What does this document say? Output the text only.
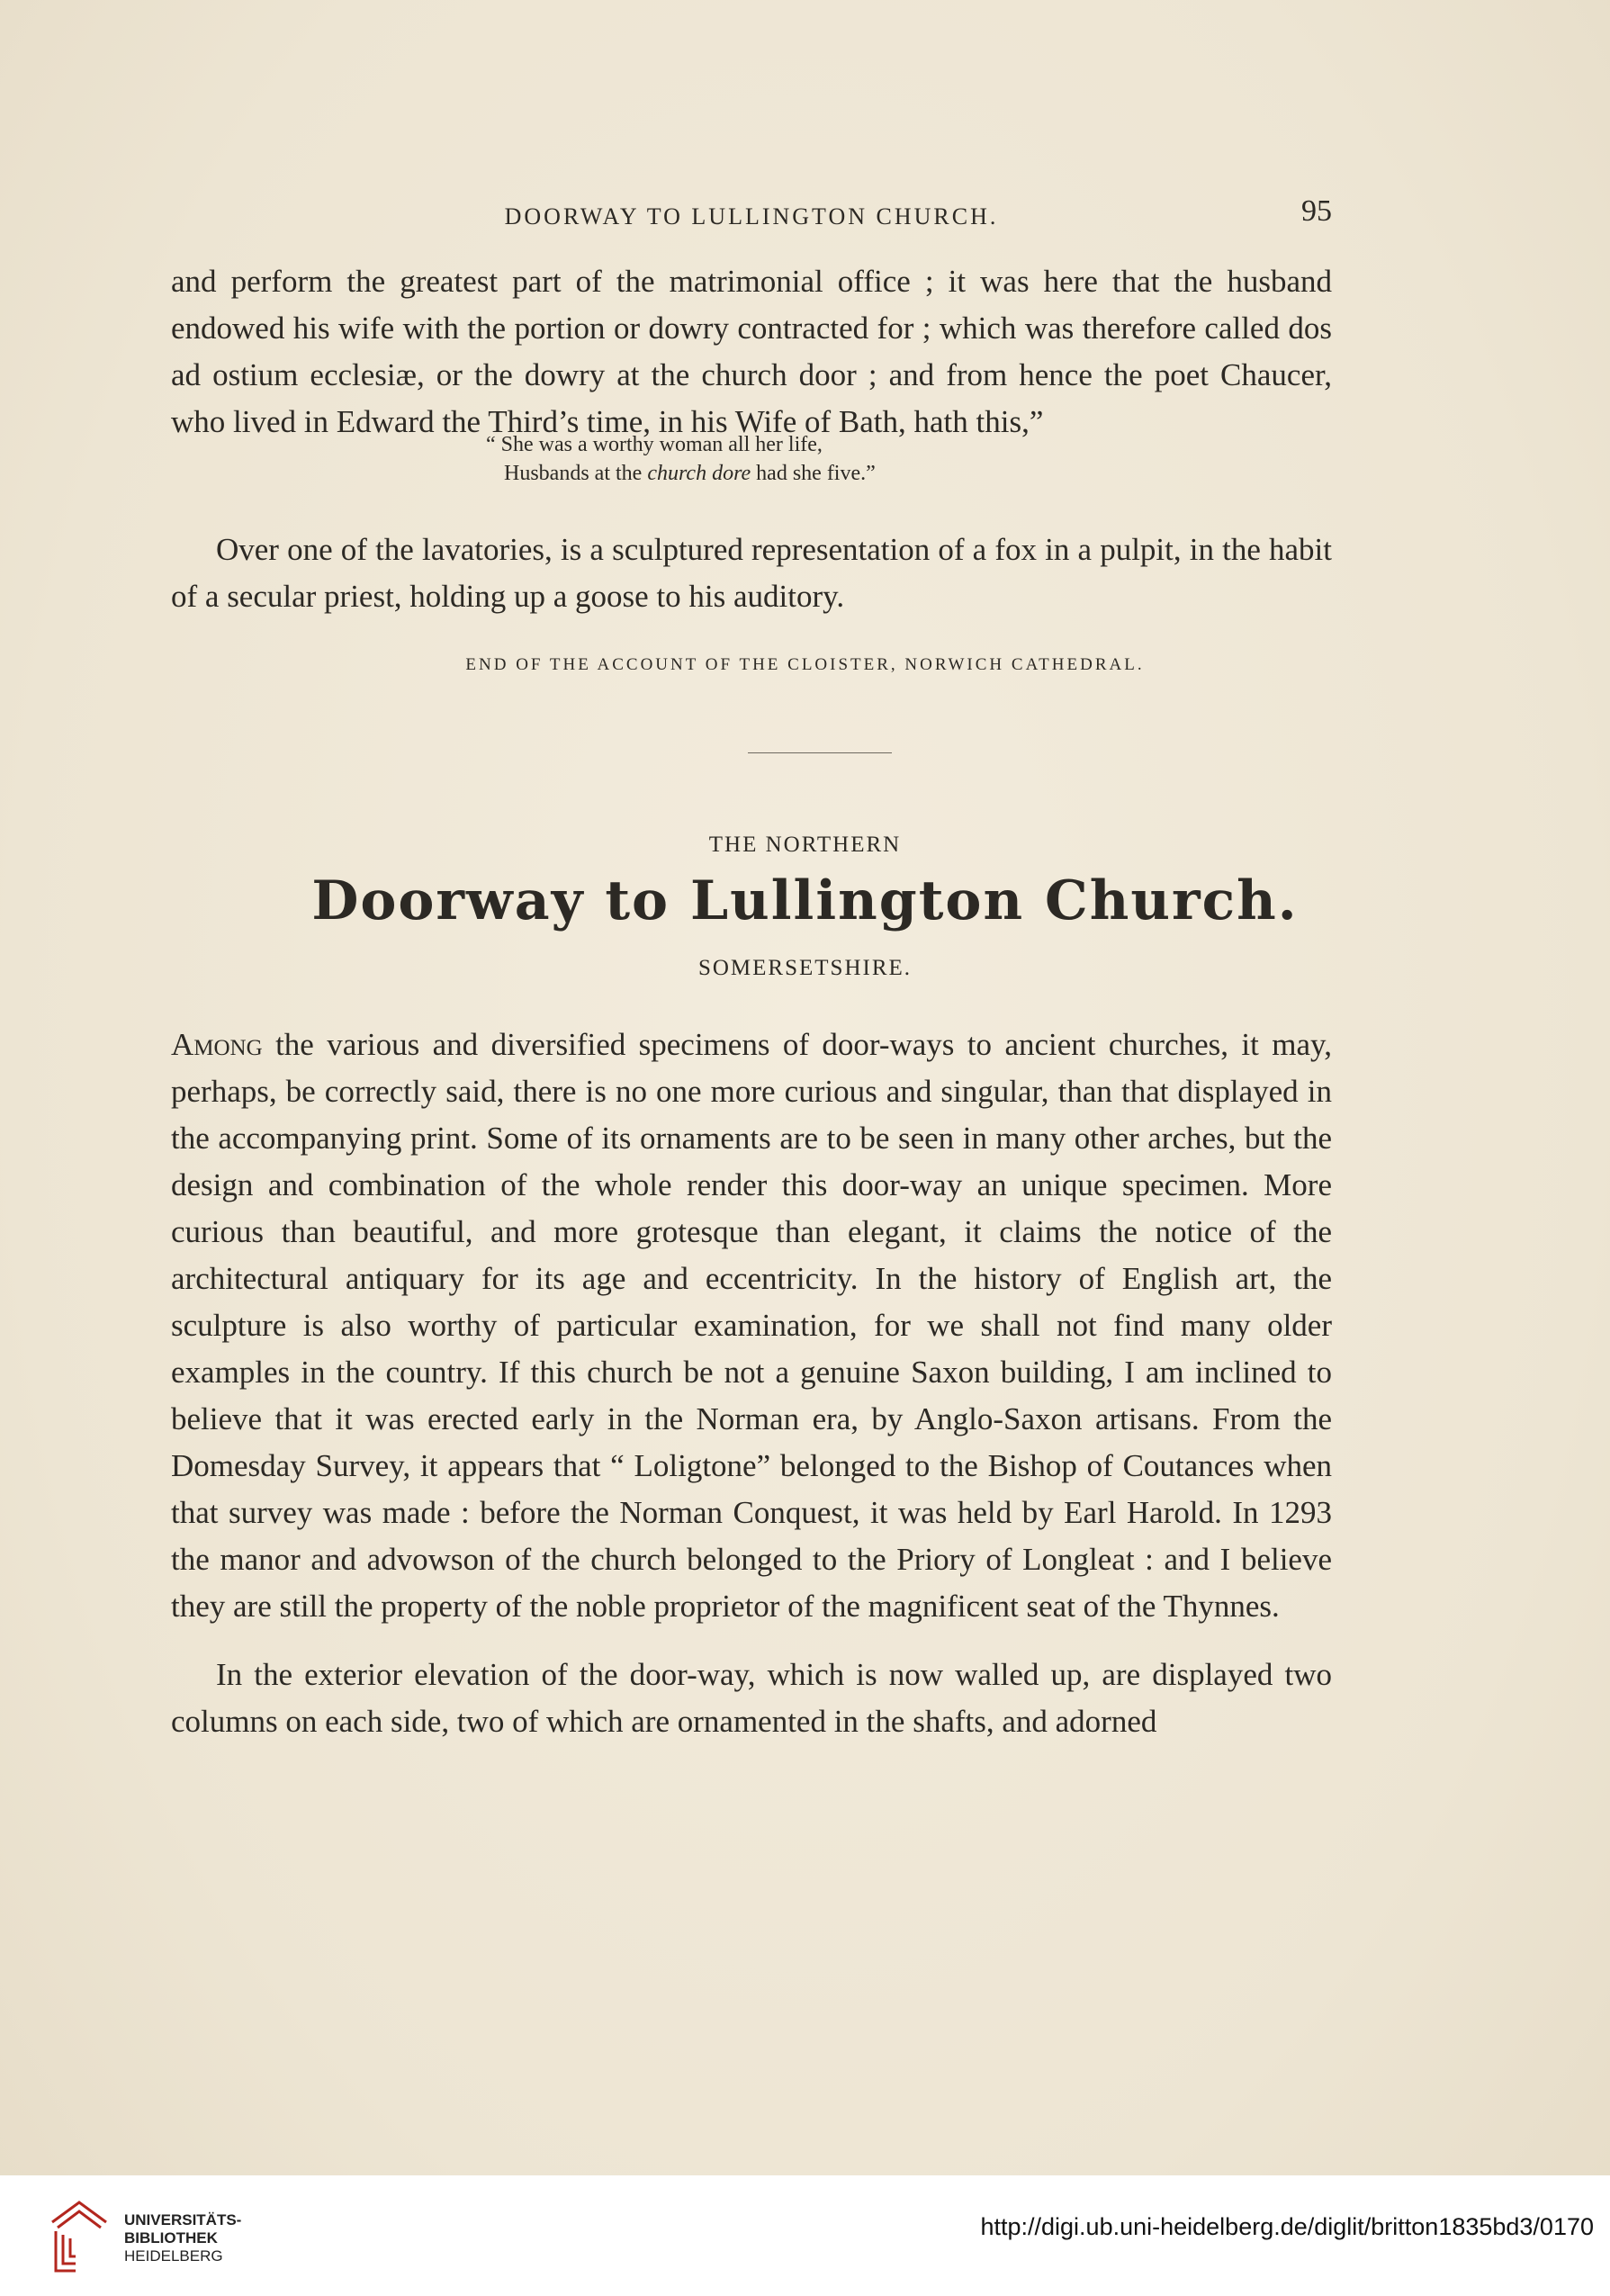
DOORWAY TO LULLINGTON CHURCH.	95

and perform the greatest part of the matrimonial office ; it was here that the husband endowed his wife with the portion or dowry contracted for ; which was therefore called dos ad ostium ecclesiæ, or the dowry at the church door ; and from hence the poet Chaucer, who lived in Edward the Third’s time, in his Wife of Bath, hath this,”

“ She was a worthy woman all her life,
Husbands at the church dore had she five.”

Over one of the lavatories, is a sculptured representation of a fox in a pulpit, in the habit of a secular priest, holding up a goose to his auditory.

END OF THE ACCOUNT OF THE CLOISTER, NORWICH CATHEDRAL.
THE NORTHERN
Doorway to Lullington Church.
SOMERSETSHIRE.

Among the various and diversified specimens of door-ways to ancient churches, it may, perhaps, be correctly said, there is no one more curious and singular, than that displayed in the accompanying print. Some of its ornaments are to be seen in many other arches, but the design and combination of the whole render this door-way an unique specimen. More curious than beautiful, and more grotesque than elegant, it claims the notice of the architectural antiquary for its age and eccentricity. In the history of English art, the sculpture is also worthy of particular examination, for we shall not find many older examples in the country. If this church be not a genuine Saxon building, I am inclined to believe that it was erected early in the Norman era, by Anglo-Saxon artisans. From the Domesday Survey, it appears that “ Loligtone” belonged to the Bishop of Coutances when that survey was made : before the Norman Conquest, it was held by Earl Harold. In 1293 the manor and advowson of the church belonged to the Priory of Longleat : and I believe they are still the property of the noble proprietor of the magnificent seat of the Thynnes.

In the exterior elevation of the door-way, which is now walled up, are displayed two columns on each side, two of which are ornamented in the shafts, and adorned

UNIVERSITÄTS-
BIBLIOTHEK
HEIDELBERG
http://digi.ub.uni-heidelberg.de/diglit/britton1835bd3/0170
